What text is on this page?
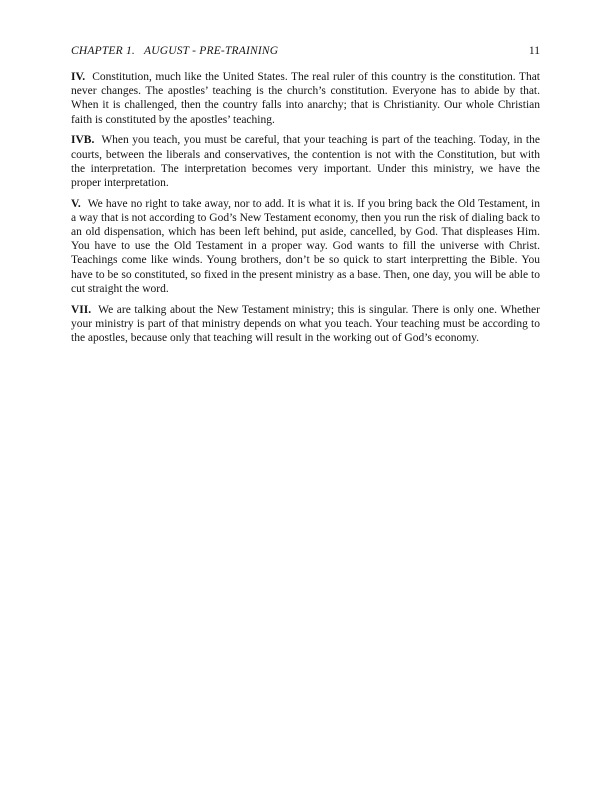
CHAPTER 1. AUGUST - PRE-TRAINING	11

IV. Constitution, much like the United States. The real ruler of this country is the constitution. That never changes. The apostles’ teaching is the church’s constitution. Everyone has to abide by that. When it is challenged, then the country falls into anarchy; that is Christianity. Our whole Christian faith is constituted by the apostles’ teaching.

IVB. When you teach, you must be careful, that your teaching is part of the teaching. Today, in the courts, between the liberals and conservatives, the contention is not with the Constitution, but with the interpretation. The interpretation becomes very important. Under this ministry, we have the proper interpretation.

V. We have no right to take away, nor to add. It is what it is. If you bring back the Old Testament, in a way that is not according to God’s New Testament economy, then you run the risk of dialing back to an old dispensation, which has been left behind, put aside, cancelled, by God. That displeases Him. You have to use the Old Testament in a proper way. God wants to fill the universe with Christ. Teachings come like winds. Young brothers, don’t be so quick to start interpretting the Bible. You have to be so constituted, so fixed in the present ministry as a base. Then, one day, you will be able to cut straight the word.

VII. We are talking about the New Testament ministry; this is singular. There is only one. Whether your ministry is part of that ministry depends on what you teach. Your teaching must be according to the apostles, because only that teaching will result in the working out of God’s economy.
